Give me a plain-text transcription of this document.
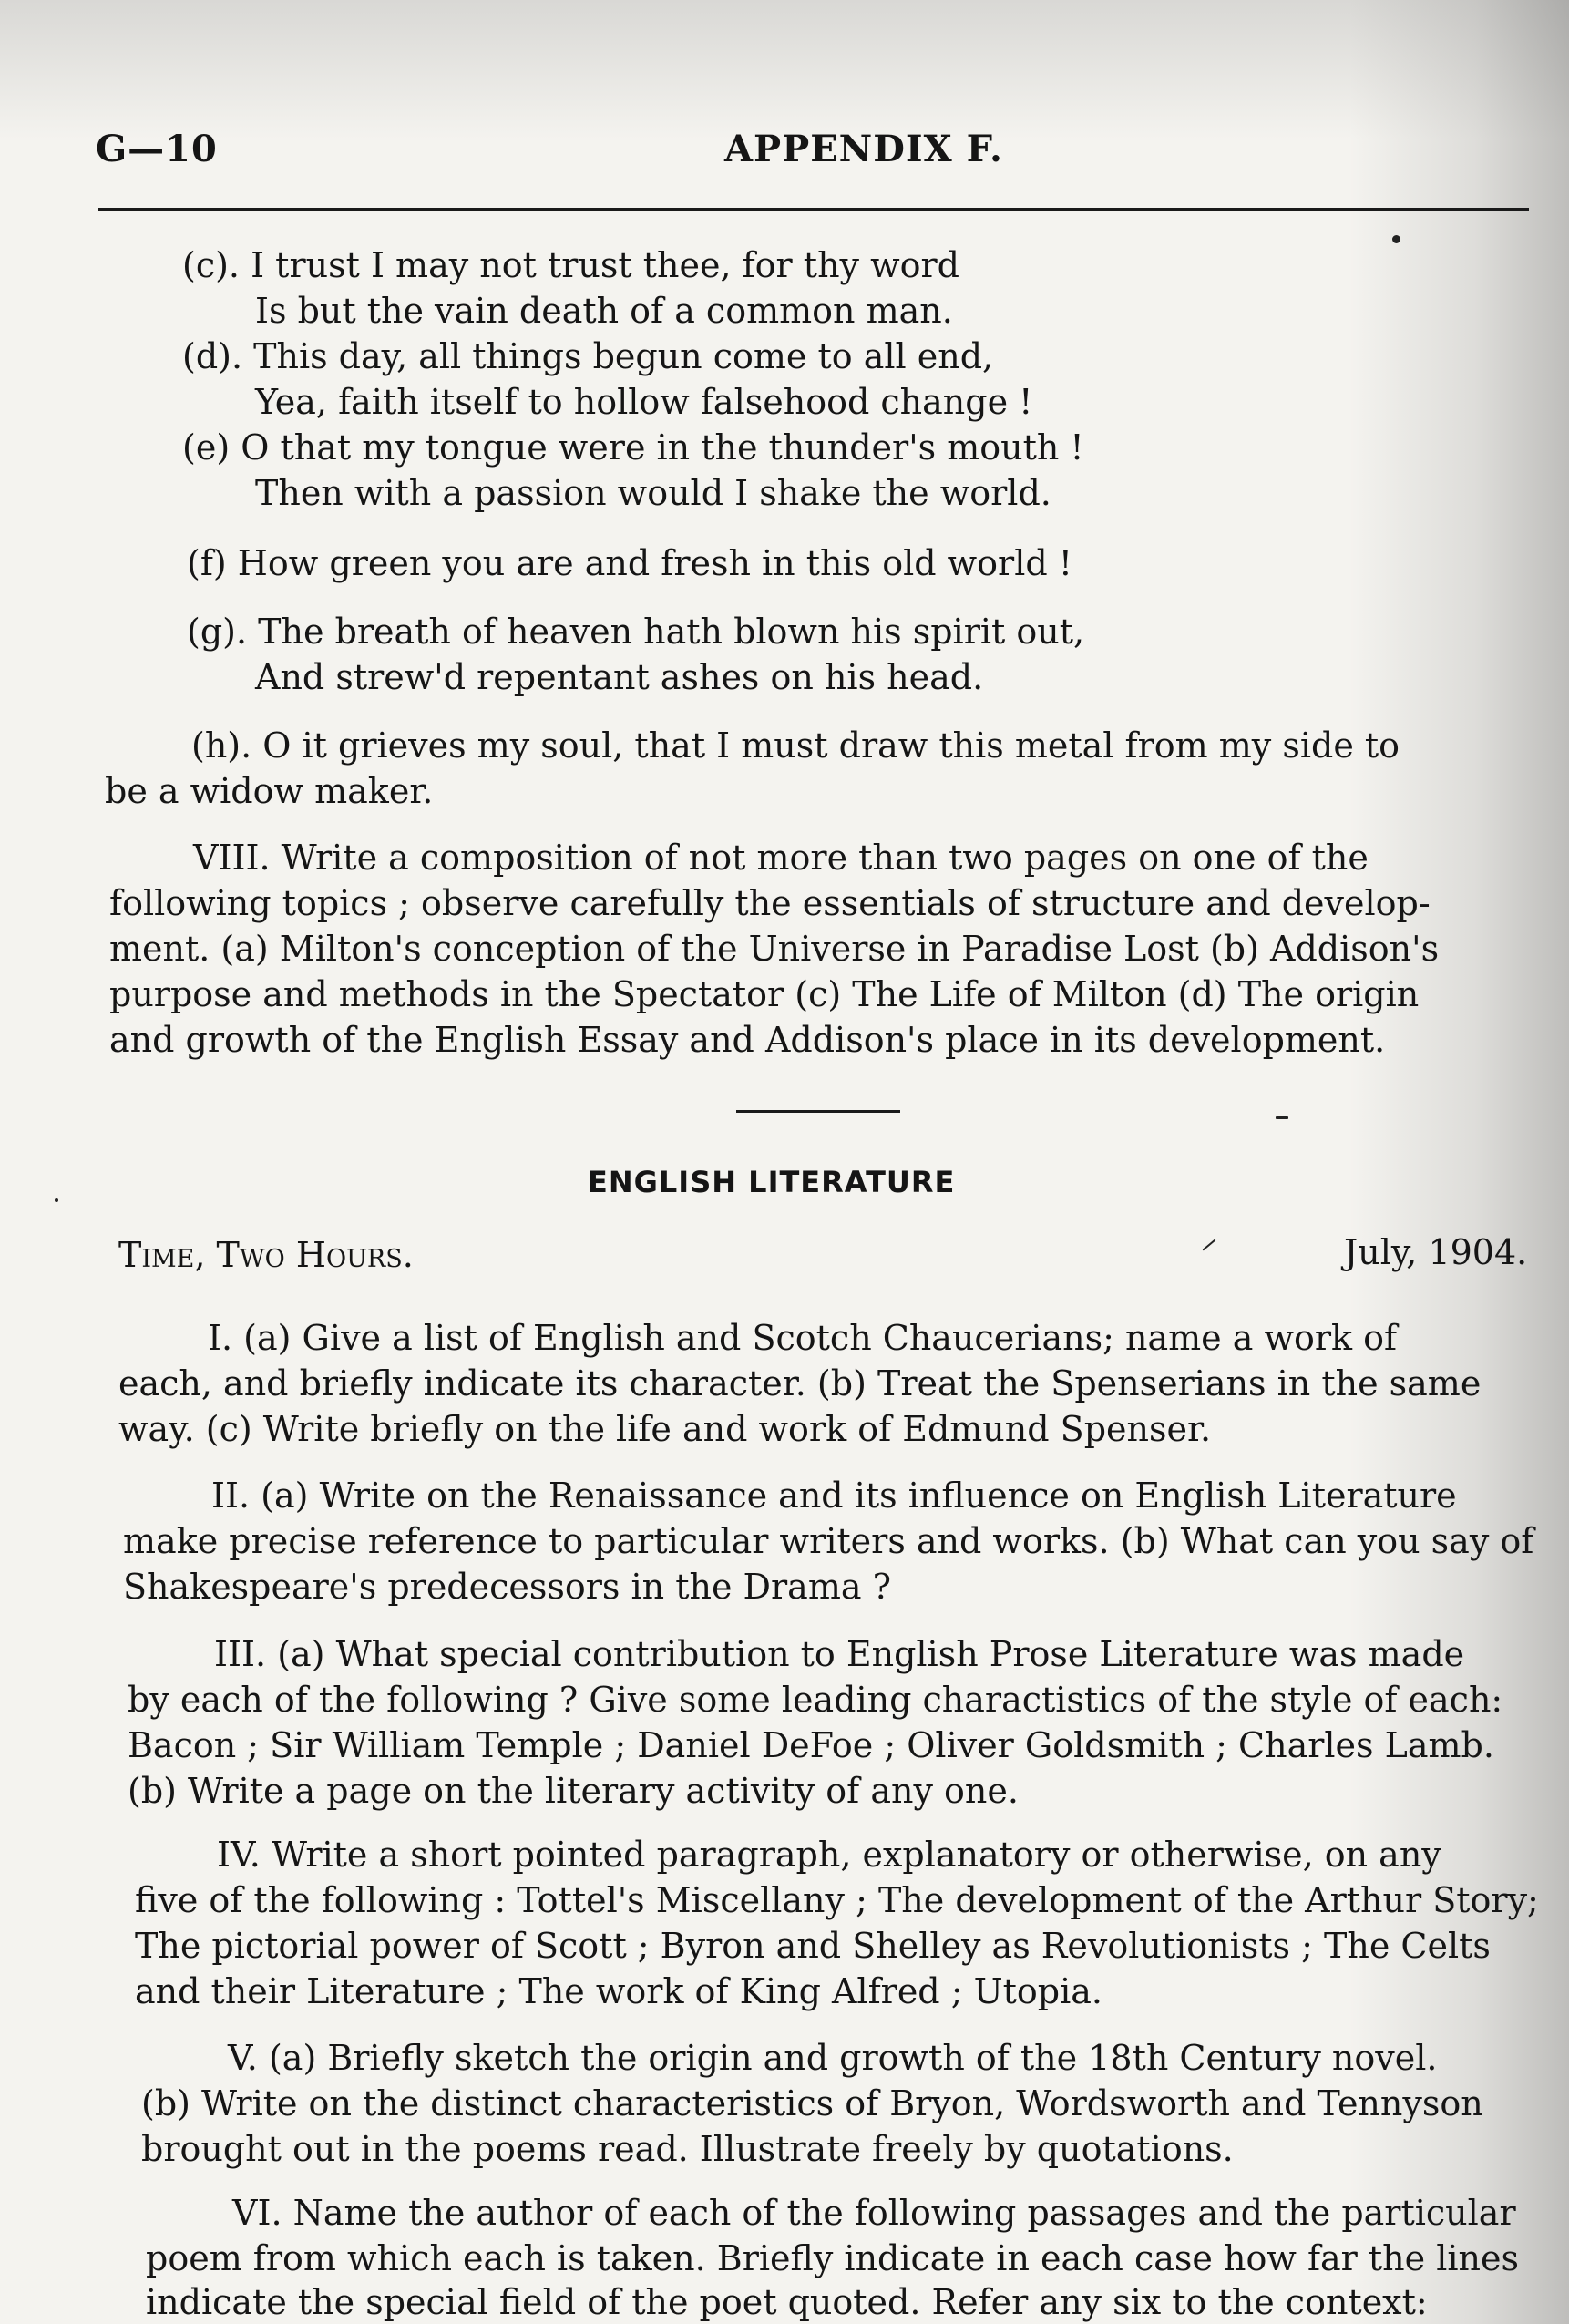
G—10	APPENDIX F.
(c). I trust I may not trust thee, for thy word
Is but the vain death of a common man.
(d). This day, all things begun come to all end,
Yea, faith itself to hollow falsehood change !
(e) O that my tongue were in the thunder's mouth !
Then with a passion would I shake the world.
(f) How green you are and fresh in this old world !
(g). The breath of heaven hath blown his spirit out,
And strew'd repentant ashes on his head.
(h). O it grieves my soul, that I must draw this metal from my side to
be a widow maker.
VIII. Write a composition of not more than two pages on one of the
following topics ; observe carefully the essentials of structure and develop-
ment. (a) Milton's conception of the Universe in Paradise Lost (b) Addison's
purpose and methods in the Spectator (c) The Life of Milton (d) The origin
and growth of the English Essay and Addison's place in its development.
ENGLISH LITERATURE
Time, Two Hours.	July, 1904.
I. (a) Give a list of English and Scotch Chaucerians; name a work of
each, and briefly indicate its character. (b) Treat the Spenserians in the same
way. (c) Write briefly on the life and work of Edmund Spenser.
II. (a) Write on the Renaissance and its influence on English Literature
make precise reference to particular writers and works. (b) What can you say of
Shakespeare's predecessors in the Drama ?
III. (a) What special contribution to English Prose Literature was made
by each of the following ? Give some leading charactistics of the style of each:
Bacon ; Sir William Temple ; Daniel DeFoe ; Oliver Goldsmith ; Charles Lamb.
(b) Write a page on the literary activity of any one.
IV. Write a short pointed paragraph, explanatory or otherwise, on any
five of the following : Tottel's Miscellany ; The development of the Arthur Story;
The pictorial power of Scott ; Byron and Shelley as Revolutionists ; The Celts
and their Literature ; The work of King Alfred ; Utopia.
V. (a) Briefly sketch the origin and growth of the 18th Century novel.
(b) Write on the distinct characteristics of Bryon, Wordsworth and Tennyson
brought out in the poems read. Illustrate freely by quotations.
VI. Name the author of each of the following passages and the particular
poem from which each is taken. Briefly indicate in each case how far the lines
indicate the special field of the poet quoted. Refer any six to the context:
